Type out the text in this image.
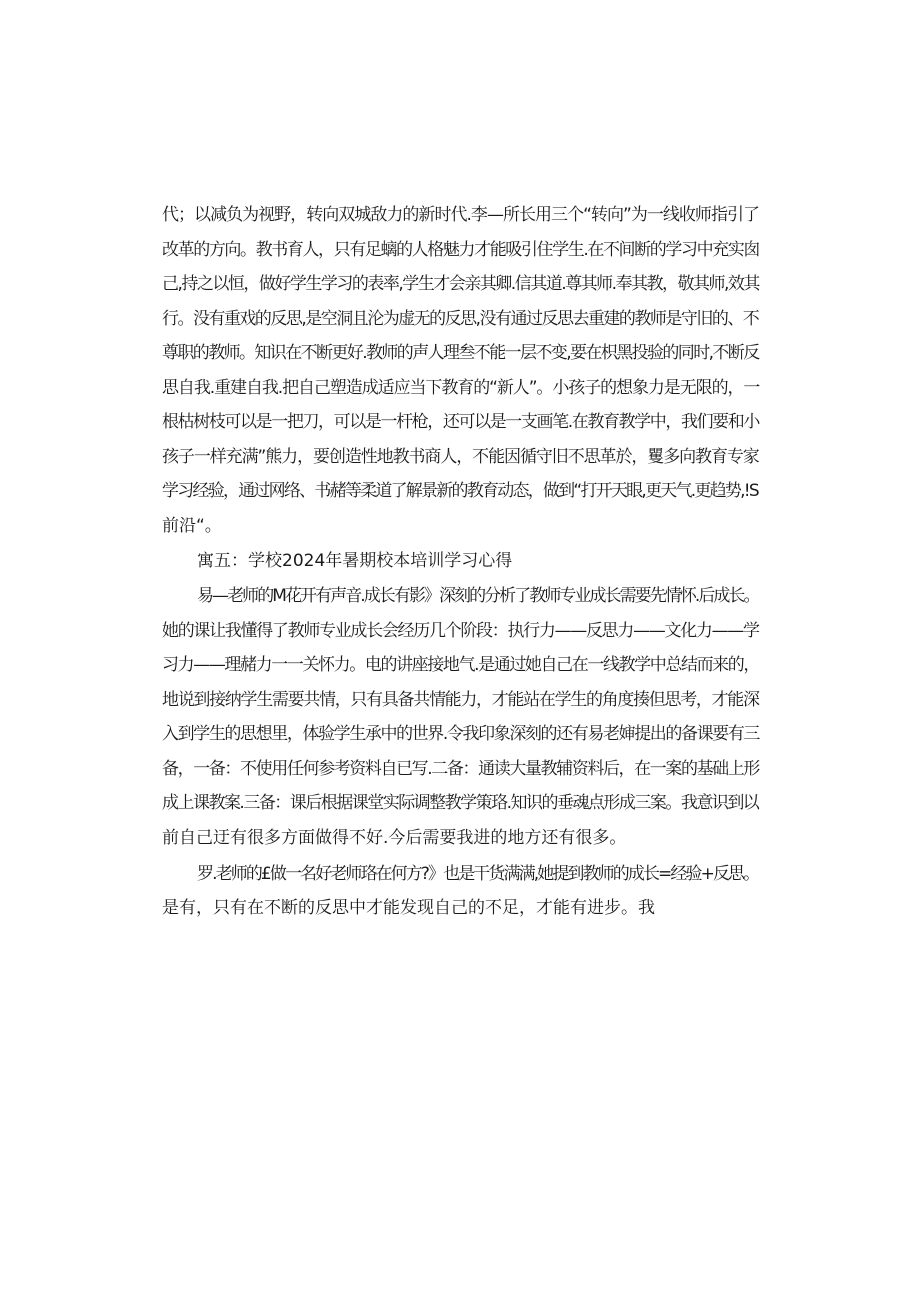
代；以减负为视野，转向双城敌力的新时代.李—所长用三个“转向”为一线收师指引了
改革的方向。教书育人，只有足螭的人格魅力才能吸引住学生.在不间断的学习中充实囱
己,持之以恒，做好学生学习的表率,学生才会亲其卿.信其道.尊其师.奉其教，敬其师,效其
行。没有重戏的反思,是空洞且沦为虚无的反思,没有通过反思去重建的教师是守旧的、不
尊职的教师。知识在不断更好.教师的声人理叁不能一层不变,要在枳黑投验的同时,不断反
思自我.重建自我.把自己塑造成适应当下教育的“新人”。小孩子的想象力是无限的，一
根枯树枝可以是一把刀，可以是一杆枪，还可以是一支画笔.在教育教学中，我们要和小
孩子一样充满”熊力，要创造性地教书商人，不能因循守旧不思革於，矍多向教育专家
学习经验，通过网络、书赭等柔道了解景新的教育动态，做到“打开天眼,更天气.更趋势,!S
前沿“。
寓五：学校2024年暑期校本培训学习心得
易—老师的M花开有声音.成长有影》深刻的分析了教师专业成长需要先情怀.后成长。
她的课让我懂得了教师专业成长会经历几个阶段：执行力——反思力——文化力——学
习力——理赭力一一关怀力。电的讲座接地气.是通过她自己在一线教学中总结而来的，
地说到接纳学生需要共情，只有具备共情能力，才能站在学生的角度揍但思考，才能深
入到学生的思想里，体验学生承中的世界.令我印象深刻的还有易老婶提出的备课要有三
备，一备：不使用任何参考资料自已写.二备：通读大量教辅资料后，在一案的基础上形
成上课教案.三备：课后根据课堂实际调整教学策珞.知识的垂魂点形成三案。我意识到以
前自己迂有很多方面做得不好.今后需要我进的地方还有很多。
罗.老师的£做一名好老师珞在何方?》也是干货满满,她提到教师的成长=经验+反思。
是有，只有在不断的反思中才能发现自己的不足，才能有进步。我
